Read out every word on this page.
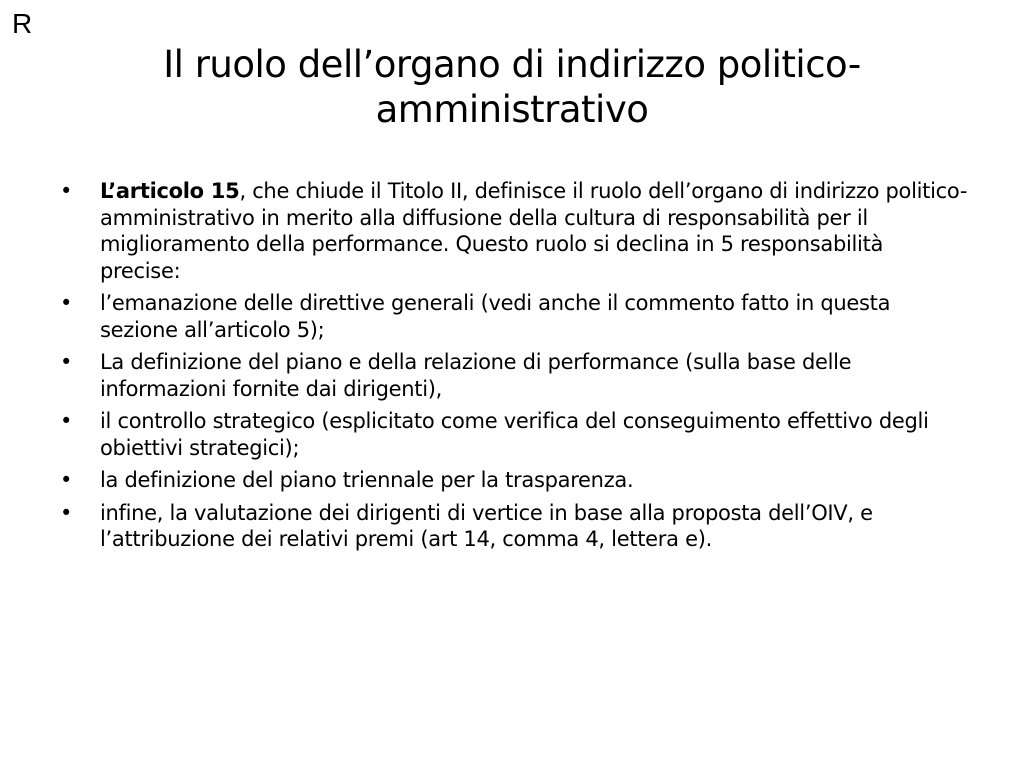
R
Il ruolo dell’organo di indirizzo politico-amministrativo
• L’articolo 15, che chiude il Titolo II, definisce il ruolo dell’organo di indirizzo politico-amministrativo in merito alla diffusione della cultura di responsabilità per il miglioramento della performance. Questo ruolo si declina in 5 responsabilità precise:
• l’emanazione delle direttive generali (vedi anche il commento fatto in questa sezione all’articolo 5);
• La definizione del piano e della relazione di performance (sulla base delle informazioni fornite dai dirigenti),
• il controllo strategico (esplicitato come verifica del conseguimento effettivo degli obiettivi strategici);
• la definizione del piano triennale per la trasparenza.
• infine, la valutazione dei dirigenti di vertice in base alla proposta dell’OIV, e l’attribuzione dei relativi premi (art 14, comma 4, lettera e).
